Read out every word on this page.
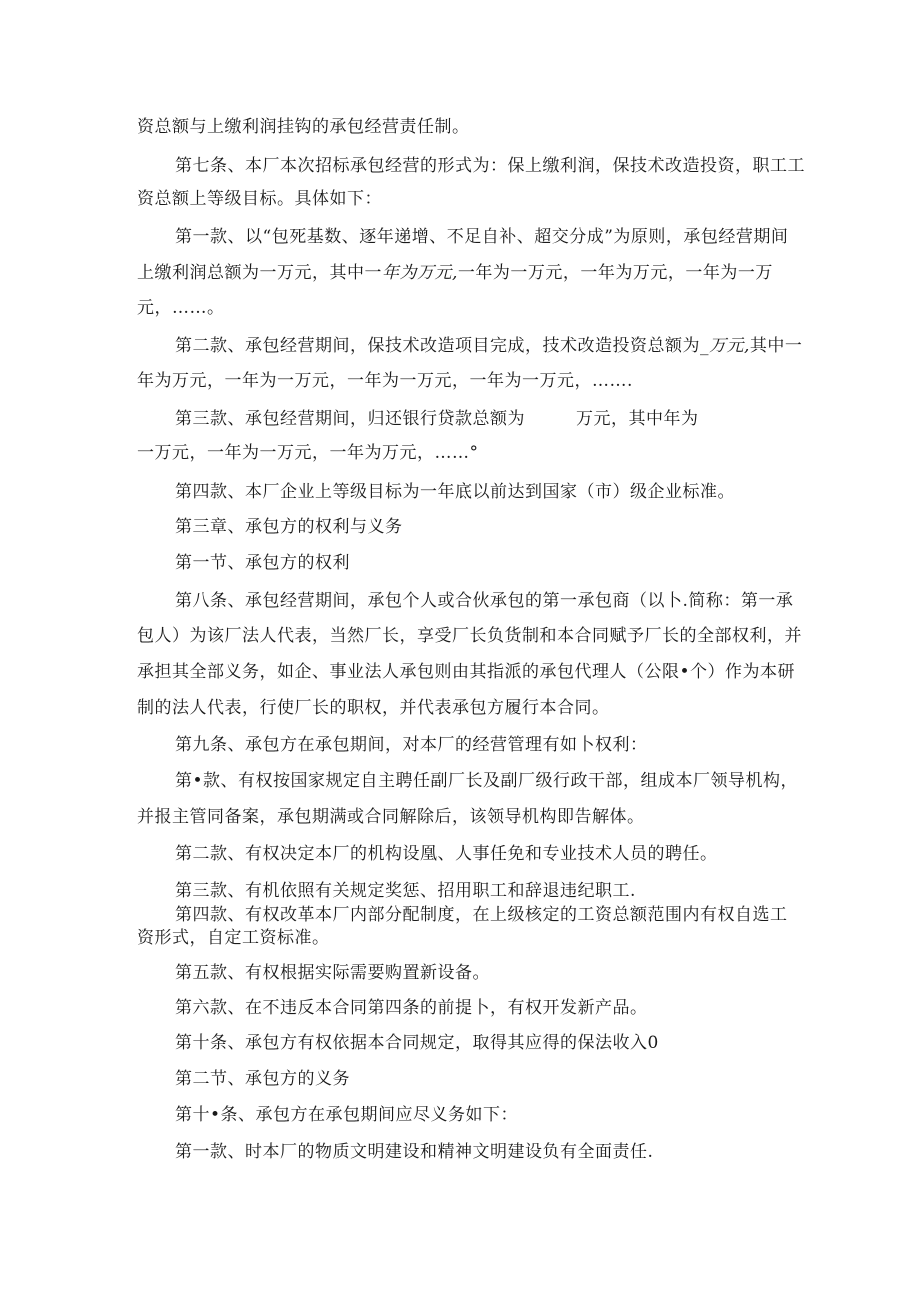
资总额与上缴利润挂钩的承包经营责任制。
第七条、本厂本次招标承包经营的形式为：保上缴利润，保技术改造投资，职工工
资总额上等级目标。具体如下：
第一款、以“包死基数、逐年递增、不足自补、超交分成”为原则，承包经营期间
上缴利润总额为一万元，其中一年为万元,一年为一万元，一年为万元，一年为一万
元，……。
第二款、承包经营期间，保技术改造项目完成，技术改造投资总额为_万元,其中一
年为万元，一年为一万元，一年为一万元，一年为一万元，…….
第三款、承包经营期间，归还银行贷款总额为	万元，其中年为
一万元，一年为一万元，一年为万元，……°
第四款、本厂企业上等级目标为一年底以前达到国家（市）级企业标准。
第三章、承包方的权利与义务
第一节、承包方的权利
第八条、承包经营期间，承包个人或合伙承包的第一承包商（以卜.简称：第一承
包人）为该厂法人代表，当然厂长，享受厂长负货制和本合同赋予厂长的全部权利，并
承担其全部义务，如企、事业法人承包则由其指派的承包代理人（公限•个）作为本研
制的法人代表，行使厂长的职权，并代表承包方履行本合同。
第九条、承包方在承包期间，对本厂的经营管理有如卜权利：
第•款、有权按国家规定自主聘任副厂长及副厂级行政干部，组成本厂领导机构，
并报主管同备案，承包期满或合同解除后，该领导机构即告解体。
第二款、有权决定本厂的机构设凰、人事任免和专业技术人员的聘任。
第三款、有机依照有关规定奖惩、招用职工和辞退违纪职工.
第四款、有权改革本厂内部分配制度，在上级核定的工资总额范围内有权自选工
资形式，自定工资标准。
第五款、有权根据实际需要购置新设备。
第六款、在不违反本合同第四条的前提卜，有权开发新产品。
第十条、承包方有权依据本合同规定，取得其应得的保法收入0
第二节、承包方的义务
第十•条、承包方在承包期间应尽义务如下：
第一款、时本厂的物质文明建设和精神文明建设负有全面责任.
